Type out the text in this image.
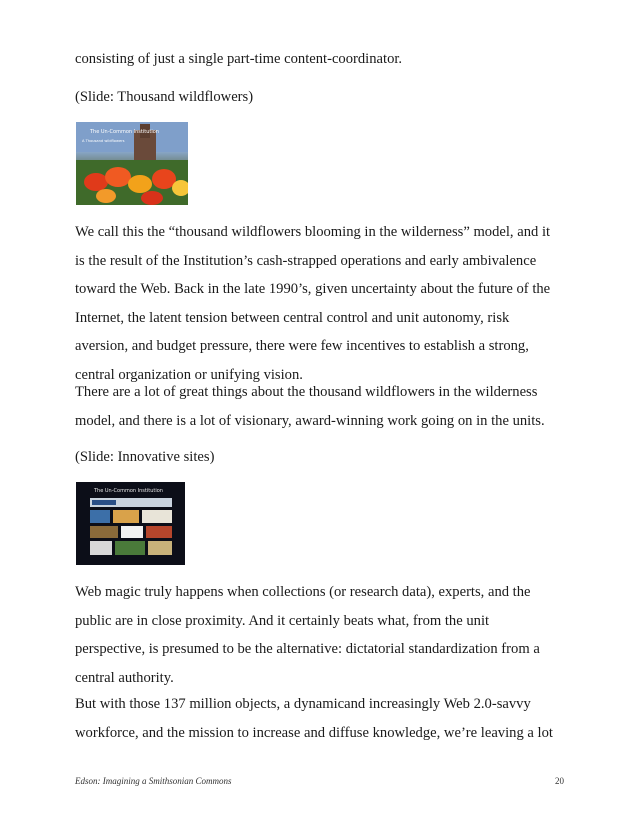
consisting of just a single part-time content-coordinator.

(Slide: Thousand wildflowers)

The Un-Common Institution
A Thousand wildflowers

We call this the “thousand wildflowers blooming in the wilderness” model, and it
is the result of the Institution’s cash-strapped operations and early ambivalence
toward the Web. Back in the late 1990’s, given uncertainty about the future of the
Internet, the latent tension between central control and unit autonomy, risk
aversion, and budget pressure, there were few incentives to establish a strong,
central organization or unifying vision.

There are a lot of great things about the thousand wildflowers in the wilderness
model, and there is a lot of visionary, award-winning work going on in the units.

(Slide: Innovative sites)

The Un-Common Institution

Web magic truly happens when collections (or research data), experts, and the
public are in close proximity. And it certainly beats what, from the unit
perspective, is presumed to be the alternative: dictatorial standardization from a
central authority.

But with those 137 million objects, a dynamicand increasingly Web 2.0-savvy
workforce, and the mission to increase and diffuse knowledge, we’re leaving a lot

Edson: Imagining a Smithsonian Commons	20
